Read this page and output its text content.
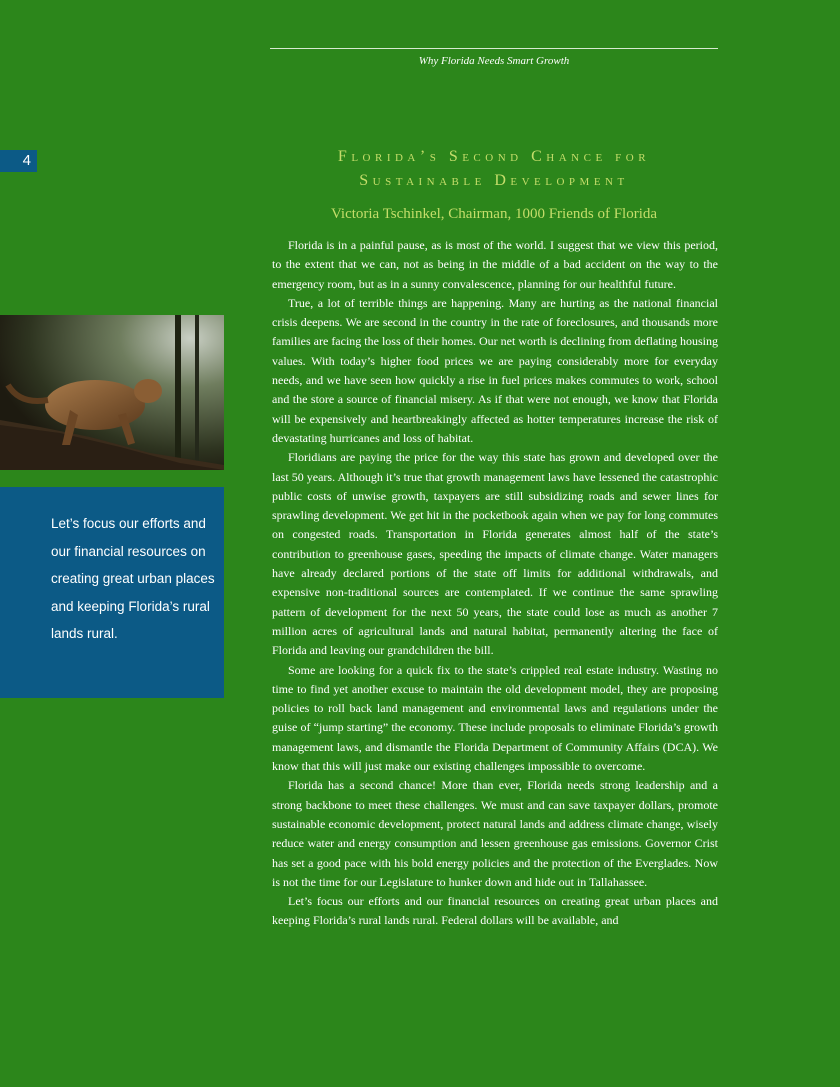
Why Florida Needs Smart Growth
4	Florida’s Second Chance for
Sustainable Development
Victoria Tschinkel, Chairman, 1000 Friends of Florida
Let’s focus our efforts and our financial resources on creating great urban places and keeping Florida’s rural lands rural.

Florida is in a painful pause, as is most of the world. I suggest that we view this period, to the extent that we can, not as being in the middle of a bad accident on the way to the emergency room, but as in a sunny convalescence, planning for our healthful future.

True, a lot of terrible things are happening. Many are hurting as the national financial crisis deepens. We are second in the country in the rate of foreclosures, and thousands more families are facing the loss of their homes. Our net worth is declining from deflating housing values. With today’s higher food prices we are paying considerably more for everyday needs, and we have seen how quickly a rise in fuel prices makes commutes to work, school and the store a source of financial misery. As if that were not enough, we know that Florida will be expensively and heartbreakingly affected as hotter temperatures increase the risk of devastating hurricanes and loss of habitat.

Floridians are paying the price for the way this state has grown and developed over the last 50 years. Although it’s true that growth management laws have lessened the catastrophic public costs of unwise growth, taxpayers are still subsidizing roads and sewer lines for sprawling development. We get hit in the pocketbook again when we pay for long commutes on congested roads. Transportation in Florida generates almost half of the state’s contribution to greenhouse gases, speeding the impacts of climate change. Water managers have already declared portions of the state off limits for additional withdrawals, and expensive non-traditional sources are contemplated. If we continue the same sprawling pattern of development for the next 50 years, the state could lose as much as another 7 million acres of agricultural lands and natural habitat, permanently altering the face of Florida and leaving our grandchildren the bill.

Some are looking for a quick fix to the state’s crippled real estate industry. Wasting no time to find yet another excuse to maintain the old development model, they are proposing policies to roll back land management and environmental laws and regulations under the guise of “jump starting” the economy. These include proposals to eliminate Florida’s growth management laws, and dismantle the Florida Department of Community Affairs (DCA). We know that this will just make our existing challenges impossible to overcome.

Florida has a second chance! More than ever, Florida needs strong leadership and a strong backbone to meet these challenges. We must and can save taxpayer dollars, promote sustainable economic development, protect natural lands and address climate change, wisely reduce water and energy consumption and lessen greenhouse gas emissions. Governor Crist has set a good pace with his bold energy policies and the protection of the Everglades. Now is not the time for our Legislature to hunker down and hide out in Tallahassee.

Let’s focus our efforts and our financial resources on creating great urban places and keeping Florida’s rural lands rural. Federal dollars will be available, and
